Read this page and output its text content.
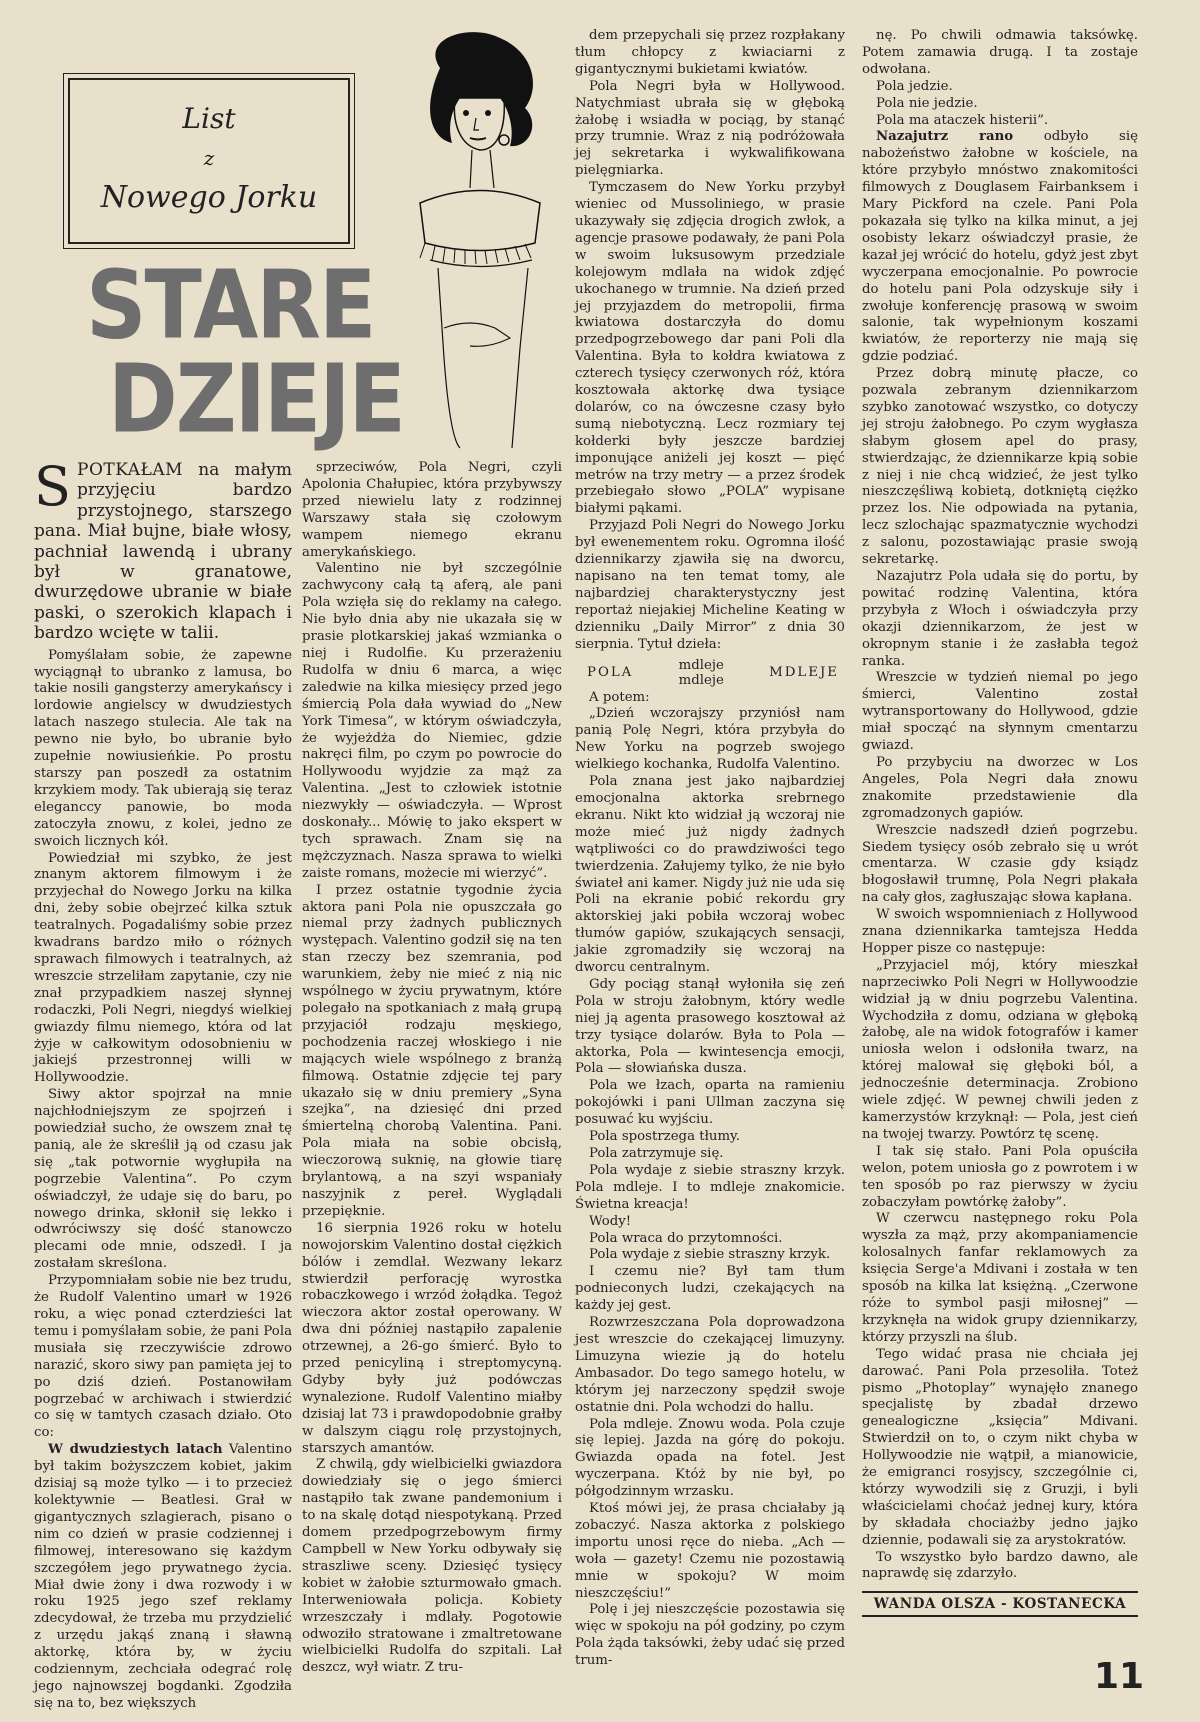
List
z
Nowego Jorku
STARE
DZIEJE

SPOTKAŁAM na małym przyjęciu bardzo przystojnego, starszego pana. Miał bujne, białe włosy, pachniał lawendą i ubrany był w granatowe, dwurzędowe ubranie w białe paski, o szerokich klapach i bardzo wcięte w talii.

Pomyślałam sobie, że zapewne wyciągnął to ubranko z lamusa, bo takie nosili gangsterzy amerykańscy i lordowie angielscy w dwudziestych latach naszego stulecia. Ale tak na pewno nie było, bo ubranie było zupełnie nowiusieńkie. Po prostu starszy pan poszedł za ostatnim krzykiem mody. Tak ubierają się teraz eleganccy panowie, bo moda zatoczyła znowu, z kolei, jedno ze swoich licznych kół.

Powiedział mi szybko, że jest znanym aktorem filmowym i że przyjechał do Nowego Jorku na kilka dni, żeby sobie obejrzeć kilka sztuk teatralnych. Pogadaliśmy sobie przez kwadrans bardzo miło o różnych sprawach filmowych i teatralnych, aż wreszcie strzeliłam zapytanie, czy nie znał przypadkiem naszej słynnej rodaczki, Poli Negri, niegdyś wielkiej gwiazdy filmu niemego, która od lat żyje w całkowitym odosobnieniu w jakiejś przestronnej willi w Hollywoodzie.

Siwy aktor spojrzał na mnie najchłodniejszym ze spojrzeń i powiedział sucho, że owszem znał tę panią, ale że skreślił ją od czasu jak się „tak potwornie wygłupiła na pogrzebie Valentina”. Po czym oświadczył, że udaje się do baru, po nowego drinka, skłonił się lekko i odwróciwszy się dość stanowczo plecami ode mnie, odszedł. I ja zostałam skreślona.

Przypomniałam sobie nie bez trudu, że Rudolf Valentino umarł w 1926 roku, a więc ponad czterdzieści lat temu i pomyślałam sobie, że pani Pola musiała się rzeczywiście zdrowo narazić, skoro siwy pan pamięta jej to po dziś dzień. Postanowiłam pogrzebać w archiwach i stwierdzić co się w tamtych czasach działo. Oto co:

W dwudziestych latach Valentino był takim bożyszczem kobiet, jakim dzisiaj są może tylko — i to przecież kolektywnie — Beatlesi. Grał w gigantycznych szlagierach, pisano o nim co dzień w prasie codziennej i filmowej, interesowano się każdym szczegółem jego prywatnego życia. Miał dwie żony i dwa rozwody i w roku 1925 jego szef reklamy zdecydował, że trzeba mu przydzielić z urzędu jakąś znaną i sławną aktorkę, która by, w życiu codziennym, zechciała odegrać rolę jego najnowszej bogdanki. Zgodziła się na to, bez większych

sprzeciwów, Pola Negri, czyli Apolonia Chałupiec, która przybywszy przed niewielu laty z rodzinnej Warszawy stała się czołowym wampem niemego ekranu amerykańskiego.

Valentino nie był szczególnie zachwycony całą tą aferą, ale pani Pola wzięła się do reklamy na całego. Nie było dnia aby nie ukazała się w prasie plotkarskiej jakaś wzmianka o niej i Rudolfie. Ku przerażeniu Rudolfa w dniu 6 marca, a więc zaledwie na kilka miesięcy przed jego śmiercią Pola dała wywiad do „New York Timesa”, w którym oświadczyła, że wyjeżdża do Niemiec, gdzie nakręci film, po czym po powrocie do Hollywoodu wyjdzie za mąż za Valentina. „Jest to człowiek istotnie niezwykły — oświadczyła. — Wprost doskonały... Mówię to jako ekspert w tych sprawach. Znam się na mężczyznach. Nasza sprawa to wielki zaiste romans, możecie mi wierzyć”.

I przez ostatnie tygodnie życia aktora pani Pola nie opuszczała go niemal przy żadnych publicznych występach. Valentino godził się na ten stan rzeczy bez szemrania, pod warunkiem, żeby nie mieć z nią nic wspólnego w życiu prywatnym, które polegało na spotkaniach z małą grupą przyjaciół rodzaju męskiego, pochodzenia raczej włoskiego i nie mających wiele wspólnego z branżą filmową. Ostatnie zdjęcie tej pary ukazało się w dniu premiery „Syna szejka”, na dziesięć dni przed śmiertelną chorobą Valentina. Pani. Pola miała na sobie obcisłą, wieczorową suknię, na głowie tiarę brylantową, a na szyi wspaniały naszyjnik z pereł. Wyglądali przepięknie.

16 sierpnia 1926 roku w hotelu nowojorskim Valentino dostał ciężkich bólów i zemdlał. Wezwany lekarz stwierdził perforację wyrostka robaczkowego i wrzód żołądka. Tegoż wieczora aktor został operowany. W dwa dni później nastąpiło zapalenie otrzewnej, a 26-go śmierć. Było to przed penicyliną i streptomycyną. Gdyby były już podówczas wynalezione. Rudolf Valentino miałby dzisiaj lat 73 i prawdopodobnie grałby w dalszym ciągu rolę przystojnych, starszych amantów.

Z chwilą, gdy wielbicielki gwiazdora dowiedziały się o jego śmierci nastąpiło tak zwane pandemonium i to na skalę dotąd niespotykaną. Przed domem przedpogrzebowym firmy Campbell w New Yorku odbywały się straszliwe sceny. Dziesięć tysięcy kobiet w żałobie szturmowało gmach. Interweniowała policja. Kobiety wrzeszczały i mdlały. Pogotowie odwoziło stratowane i zmaltretowane wielbicielki Rudolfa do szpitali. Lał deszcz, wył wiatr. Z tru-

dem przepychali się przez rozpłakany tłum chłopcy z kwiaciarni z gigantycznymi bukietami kwiatów.

Pola Negri była w Hollywood. Natychmiast ubrała się w głęboką żałobę i wsiadła w pociąg, by stanąć przy trumnie. Wraz z nią podróżowała jej sekretarka i wykwalifikowana pielęgniarka.

Tymczasem do New Yorku przybył wieniec od Mussoliniego, w prasie ukazywały się zdjęcia drogich zwłok, a agencje prasowe podawały, że pani Pola w swoim luksusowym przedziale kolejowym mdlała na widok zdjęć ukochanego w trumnie. Na dzień przed jej przyjazdem do metropolii, firma kwiatowa dostarczyła do domu przedpogrzebowego dar pani Poli dla Valentina. Była to kołdra kwiatowa z czterech tysięcy czerwonych róż, która kosztowała aktorkę dwa tysiące dolarów, co na ówczesne czasy było sumą niebotyczną. Lecz rozmiary tej kołderki były jeszcze bardziej imponujące aniżeli jej koszt — pięć metrów na trzy metry — a przez środek przebiegało słowo „POLA” wypisane białymi pąkami.

Przyjazd Poli Negri do Nowego Jorku był ewenementem roku. Ogromna ilość dziennikarzy zjawiła się na dworcu, napisano na ten temat tomy, ale najbardziej charakterystyczny jest reportaż niejakiej Micheline Keating w dzienniku „Daily Mirror” z dnia 30 sierpnia. Tytuł dzieła:

POLA	mdleje
mdleje	MDLEJE

A potem:

„Dzień wczorajszy przyniósł nam panią Polę Negri, która przybyła do New Yorku na pogrzeb swojego wielkiego kochanka, Rudolfa Valentino.

Pola znana jest jako najbardziej emocjonalna aktorka srebrnego ekranu. Nikt kto widział ją wczoraj nie może mieć już nigdy żadnych wątpliwości co do prawdziwości tego twierdzenia. Załujemy tylko, że nie było świateł ani kamer. Nigdy już nie uda się Poli na ekranie pobić rekordu gry aktorskiej jaki pobiła wczoraj wobec tłumów gapiów, szukających sensacji, jakie zgromadziły się wczoraj na dworcu centralnym.

Gdy pociąg stanął wyłoniła się zeń Pola w stroju żałobnym, który wedle niej ją agenta prasowego kosztował aż trzy tysiące dolarów. Była to Pola — aktorka, Pola — kwintesencja emocji, Pola — słowiańska dusza.

Pola we łzach, oparta na ramieniu pokojówki i pani Ullman zaczyna się posuwać ku wyjściu.

Pola spostrzega tłumy.

Pola zatrzymuje się.

Pola wydaje z siebie straszny krzyk. Pola mdleje. I to mdleje znakomicie. Świetna kreacja!

Wody!

Pola wraca do przytomności.

Pola wydaje z siebie straszny krzyk.

I czemu nie? Był tam tłum podnieconych ludzi, czekających na każdy jej gest.

Rozwrzeszczana Pola doprowadzona jest wreszcie do czekającej limuzyny. Limuzyna wiezie ją do hotelu Ambasador. Do tego samego hotelu, w którym jej narzeczony spędził swoje ostatnie dni. Pola wchodzi do hallu.

Pola mdleje. Znowu woda. Pola czuje się lepiej. Jazda na górę do pokoju. Gwiazda opada na fotel. Jest wyczerpana. Któż by nie był, po półgodzinnym wrzasku.

Ktoś mówi jej, że prasa chciałaby ją zobaczyć. Nasza aktorka z polskiego importu unosi ręce do nieba. „Ach — woła — gazety! Czemu nie pozostawią mnie w spokoju? W moim nieszczęściu!”

Polę i jej nieszczęście pozostawia się więc w spokoju na pół godziny, po czym Pola żąda taksówki, żeby udać się przed trum-

nę. Po chwili odmawia taksówkę. Potem zamawia drugą. I ta zostaje odwołana.

Pola jedzie.

Pola nie jedzie.

Pola ma ataczek histerii”.

Nazajutrz rano odbyło się nabożeństwo żałobne w kościele, na które przybyło mnóstwo znakomitości filmowych z Douglasem Fairbanksem i Mary Pickford na czele. Pani Pola pokazała się tylko na kilka minut, a jej osobisty lekarz oświadczył prasie, że kazał jej wrócić do hotelu, gdyż jest zbyt wyczerpana emocjonalnie. Po powrocie do hotelu pani Pola odzyskuje siły i zwołuje konferencję prasową w swoim salonie, tak wypełnionym koszami kwiatów, że reporterzy nie mają się gdzie podziać.

Przez dobrą minutę płacze, co pozwala zebranym dziennikarzom szybko zanotować wszystko, co dotyczy jej stroju żałobnego. Po czym wygłasza słabym głosem apel do prasy, stwierdzając, że dziennikarze kpią sobie z niej i nie chcą widzieć, że jest tylko nieszczęśliwą kobietą, dotkniętą ciężko przez los. Nie odpowiada na pytania, lecz szlochając spazmatycznie wychodzi z salonu, pozostawiając prasie swoją sekretarkę.

Nazajutrz Pola udała się do portu, by powitać rodzinę Valentina, która przybyła z Włoch i oświadczyła przy okazji dziennikarzom, że jest w okropnym stanie i że zasłabła tegoż ranka.

Wreszcie w tydzień niemal po jego śmierci, Valentino został wytransportowany do Hollywood, gdzie miał spocząć na słynnym cmentarzu gwiazd.

Po przybyciu na dworzec w Los Angeles, Pola Negri dała znowu znakomite przedstawienie dla zgromadzonych gapiów.

Wreszcie nadszedł dzień pogrzebu. Siedem tysięcy osób zebrało się u wrót cmentarza. W czasie gdy ksiądz błogosławił trumnę, Pola Negri płakała na cały głos, zagłuszając słowa kapłana.

W swoich wspomnieniach z Hollywood znana dziennikarka tamtejsza Hedda Hopper pisze co następuje:

„Przyjaciel mój, który mieszkał naprzeciwko Poli Negri w Hollywoodzie widział ją w dniu pogrzebu Valentina. Wychodziła z domu, odziana w głęboką żałobę, ale na widok fotografów i kamer uniosła welon i odsłoniła twarz, na której malował się głęboki ból, a jednocześnie determinacja. Zrobiono wiele zdjęć. W pewnej chwili jeden z kamerzystów krzyknął: — Pola, jest cień na twojej twarzy. Powtórz tę scenę.

I tak się stało. Pani Pola opuściła welon, potem uniosła go z powrotem i w ten sposób po raz pierwszy w życiu zobaczyłam powtórkę żałoby”.

W czerwcu następnego roku Pola wyszła za mąż, przy akompaniamencie kolosalnych fanfar reklamowych za księcia Serge'a Mdivani i została w ten sposób na kilka lat księżną. „Czerwone róże to symbol pasji miłosnej” — krzyknęła na widok grupy dziennikarzy, którzy przyszli na ślub.

Tego widać prasa nie chciała jej darować. Pani Pola przesoliła. Toteż pismo „Photoplay” wynajęło znanego specjalistę by zbadał drzewo genealogiczne „księcia” Mdivani. Stwierdził on to, o czym nikt chyba w Hollywoodzie nie wątpił, a mianowicie, że emigranci rosyjscy, szczególnie ci, którzy wywodzili się z Gruzji, i byli właścicielami choćaż jednej kury, która by składała chociażby jedno jajko dziennie, podawali się za arystokratów.

To wszystko było bardzo dawno, ale naprawdę się zdarzyło.

WANDA OLSZA - KOSTANECKA
11
